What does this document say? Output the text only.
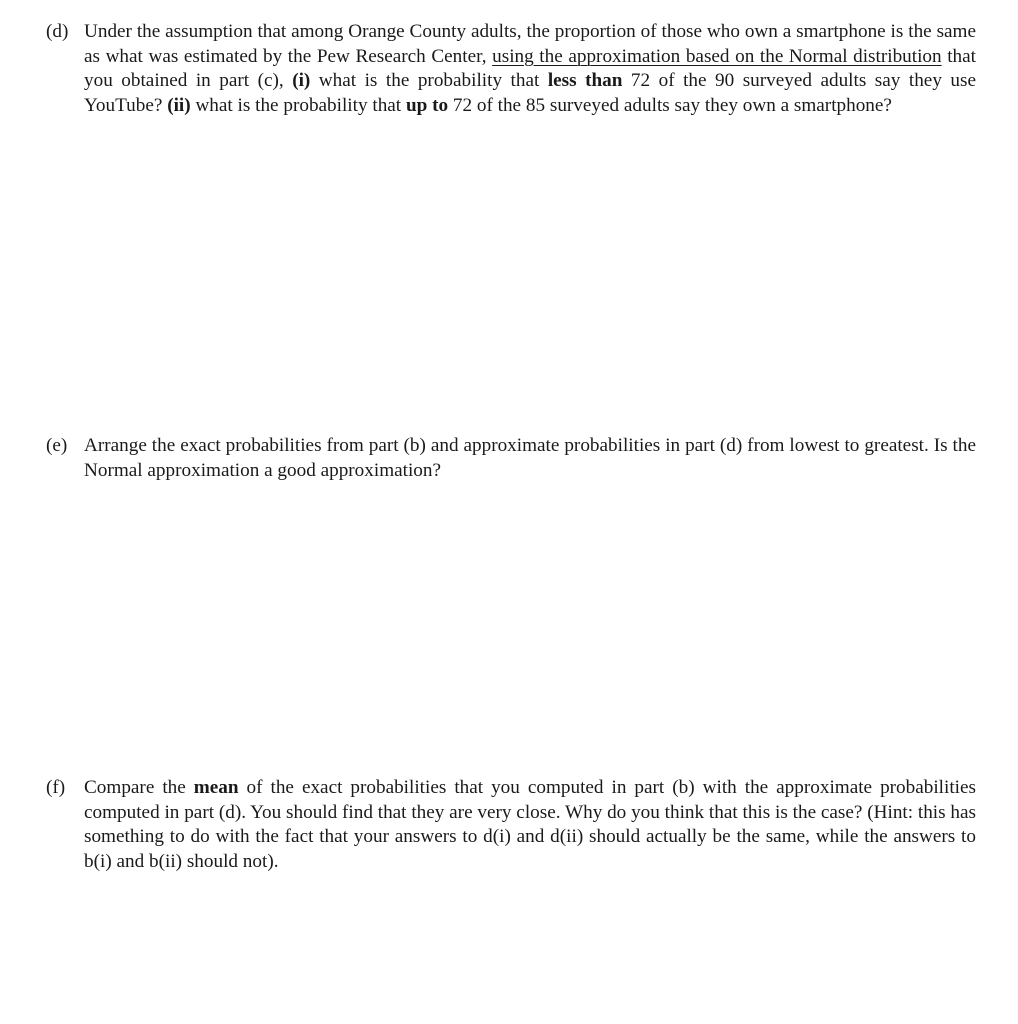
(d) Under the assumption that among Orange County adults, the proportion of those who own a smartphone is the same as what was estimated by the Pew Research Center, using the approximation based on the Normal distribution that you obtained in part (c), (i) what is the probability that less than 72 of the 90 surveyed adults say they use YouTube? (ii) what is the probability that up to 72 of the 85 surveyed adults say they own a smartphone?
(e) Arrange the exact probabilities from part (b) and approximate probabilities in part (d) from lowest to greatest. Is the Normal approximation a good approximation?
(f) Compare the mean of the exact probabilities that you computed in part (b) with the approximate probabilities computed in part (d). You should find that they are very close. Why do you think that this is the case? (Hint: this has something to do with the fact that your answers to d(i) and d(ii) should actually be the same, while the answers to b(i) and b(ii) should not).
